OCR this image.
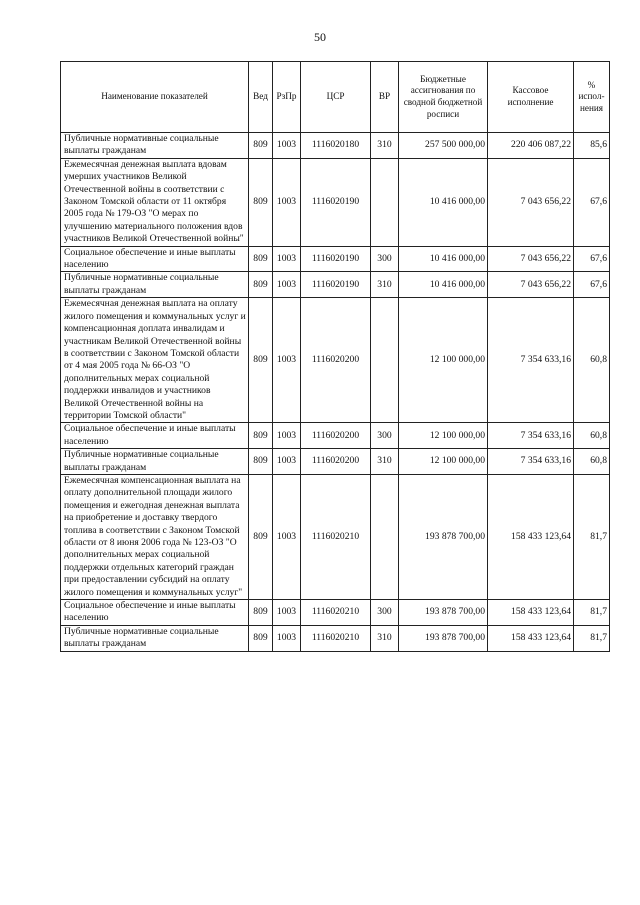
50
Наименование показателей	Вед	РзПр	ЦСР	ВР	Бюджетные ассигнования по сводной бюджетной росписи	Кассовое исполнение	% испол-нения
Публичные нормативные социальные выплаты гражданам	809	1003	1116020180	310	257 500 000,00	220 406 087,22	85,6
Ежемесячная денежная выплата вдовам умерших участников Великой Отечественной войны в соответствии с Законом Томской области от 11 октября 2005 года № 179-ОЗ "О мерах по улучшению материального положения вдов участников Великой Отечественной войны"	809	1003	1116020190		10 416 000,00	7 043 656,22	67,6
Социальное обеспечение и иные выплаты населению	809	1003	1116020190	300	10 416 000,00	7 043 656,22	67,6
Публичные нормативные социальные выплаты гражданам	809	1003	1116020190	310	10 416 000,00	7 043 656,22	67,6
Ежемесячная денежная выплата на оплату жилого помещения и коммунальных услуг и компенсационная доплата инвалидам и участникам Великой Отечественной войны в соответствии с Законом Томской области от 4 мая 2005 года № 66-ОЗ "О дополнительных мерах социальной поддержки инвалидов и участников Великой Отечественной войны на территории Томской области"	809	1003	1116020200		12 100 000,00	7 354 633,16	60,8
Социальное обеспечение и иные выплаты населению	809	1003	1116020200	300	12 100 000,00	7 354 633,16	60,8
Публичные нормативные социальные выплаты гражданам	809	1003	1116020200	310	12 100 000,00	7 354 633,16	60,8
Ежемесячная компенсационная выплата на оплату дополнительной площади жилого помещения и ежегодная денежная выплата на приобретение и доставку твердого топлива в соответствии с Законом Томской области от 8 июня 2006 года № 123-ОЗ "О дополнительных мерах социальной поддержки отдельных категорий граждан при предоставлении субсидий на оплату жилого помещения и коммунальных услуг"	809	1003	1116020210		193 878 700,00	158 433 123,64	81,7
Социальное обеспечение и иные выплаты населению	809	1003	1116020210	300	193 878 700,00	158 433 123,64	81,7
Публичные нормативные социальные выплаты гражданам	809	1003	1116020210	310	193 878 700,00	158 433 123,64	81,7
